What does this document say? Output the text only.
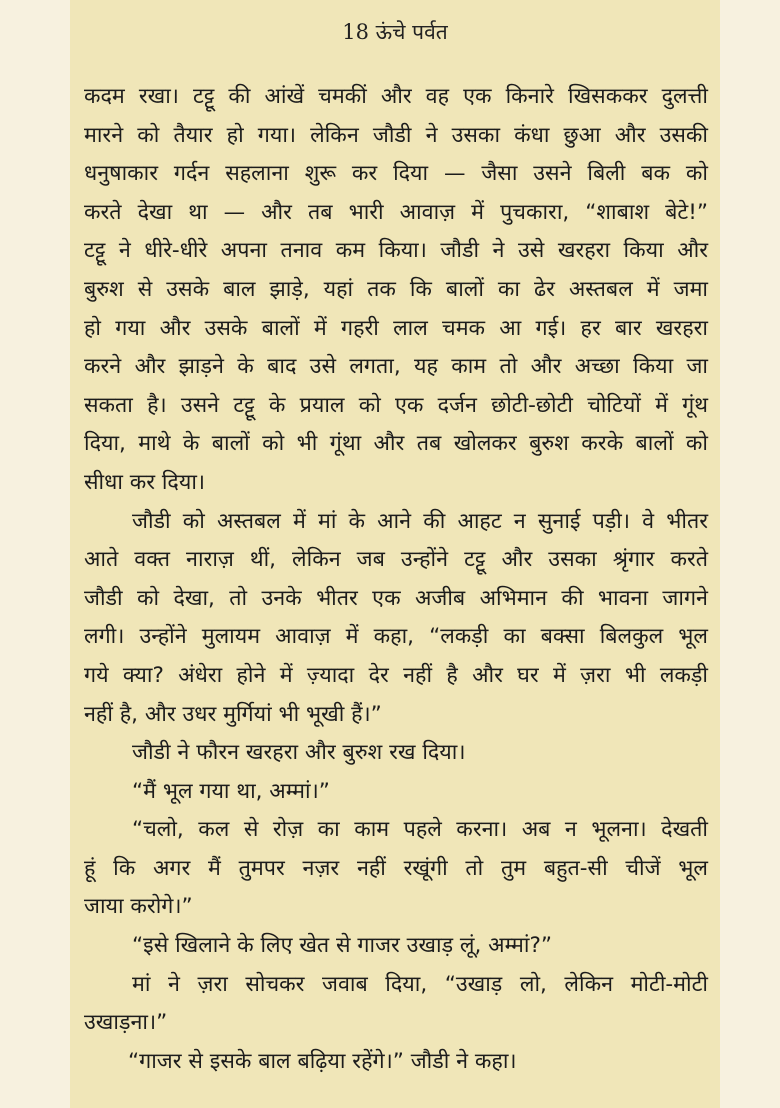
18 ऊंचे पर्वत
कदम रखा। टट्टू की आंखें चमकीं और वह एक किनारे खिसककर दुलत्ती
मारने को तैयार हो गया। लेकिन जौडी ने उसका कंधा छुआ और उसकी
धनुषाकार गर्दन सहलाना शुरू कर दिया — जैसा उसने बिली बक को
करते देखा था — और तब भारी आवाज़ में पुचकारा, “शाबाश बेटे!”
टट्टू ने धीरे-धीरे अपना तनाव कम किया। जौडी ने उसे खरहरा किया और
बुरुश से उसके बाल झाड़े, यहां तक कि बालों का ढेर अस्तबल में जमा
हो गया और उसके बालों में गहरी लाल चमक आ गई। हर बार खरहरा
करने और झाड़ने के बाद उसे लगता, यह काम तो और अच्छा किया जा
सकता है। उसने टट्टू के प्रयाल को एक दर्जन छोटी-छोटी चोटियों में गूंथ
दिया, माथे के बालों को भी गूंथा और तब खोलकर बुरुश करके बालों को
सीधा कर दिया।
जौडी को अस्तबल में मां के आने की आहट न सुनाई पड़ी। वे भीतर
आते वक्त नाराज़ थीं, लेकिन जब उन्होंने टट्टू और उसका श्रृंगार करते
जौडी को देखा, तो उनके भीतर एक अजीब अभिमान की भावना जागने
लगी। उन्होंने मुलायम आवाज़ में कहा, “लकड़ी का बक्सा बिलकुल भूल
गये क्या? अंधेरा होने में ज़्यादा देर नहीं है और घर में ज़रा भी लकड़ी
नहीं है, और उधर मुर्गियां भी भूखी हैं।”
जौडी ने फौरन खरहरा और बुरुश रख दिया।
“मैं भूल गया था, अम्मां।”
“चलो, कल से रोज़ का काम पहले करना। अब न भूलना। देखती
हूं कि अगर मैं तुमपर नज़र नहीं रखूंगी तो तुम बहुत-सी चीजें भूल
जाया करोगे।”
“इसे खिलाने के लिए खेत से गाजर उखाड़ लूं, अम्मां?”
मां ने ज़रा सोचकर जवाब दिया, “उखाड़ लो, लेकिन मोटी-मोटी
उखाड़ना।”
“गाजर से इसके बाल बढ़िया रहेंगे।” जौडी ने कहा।
